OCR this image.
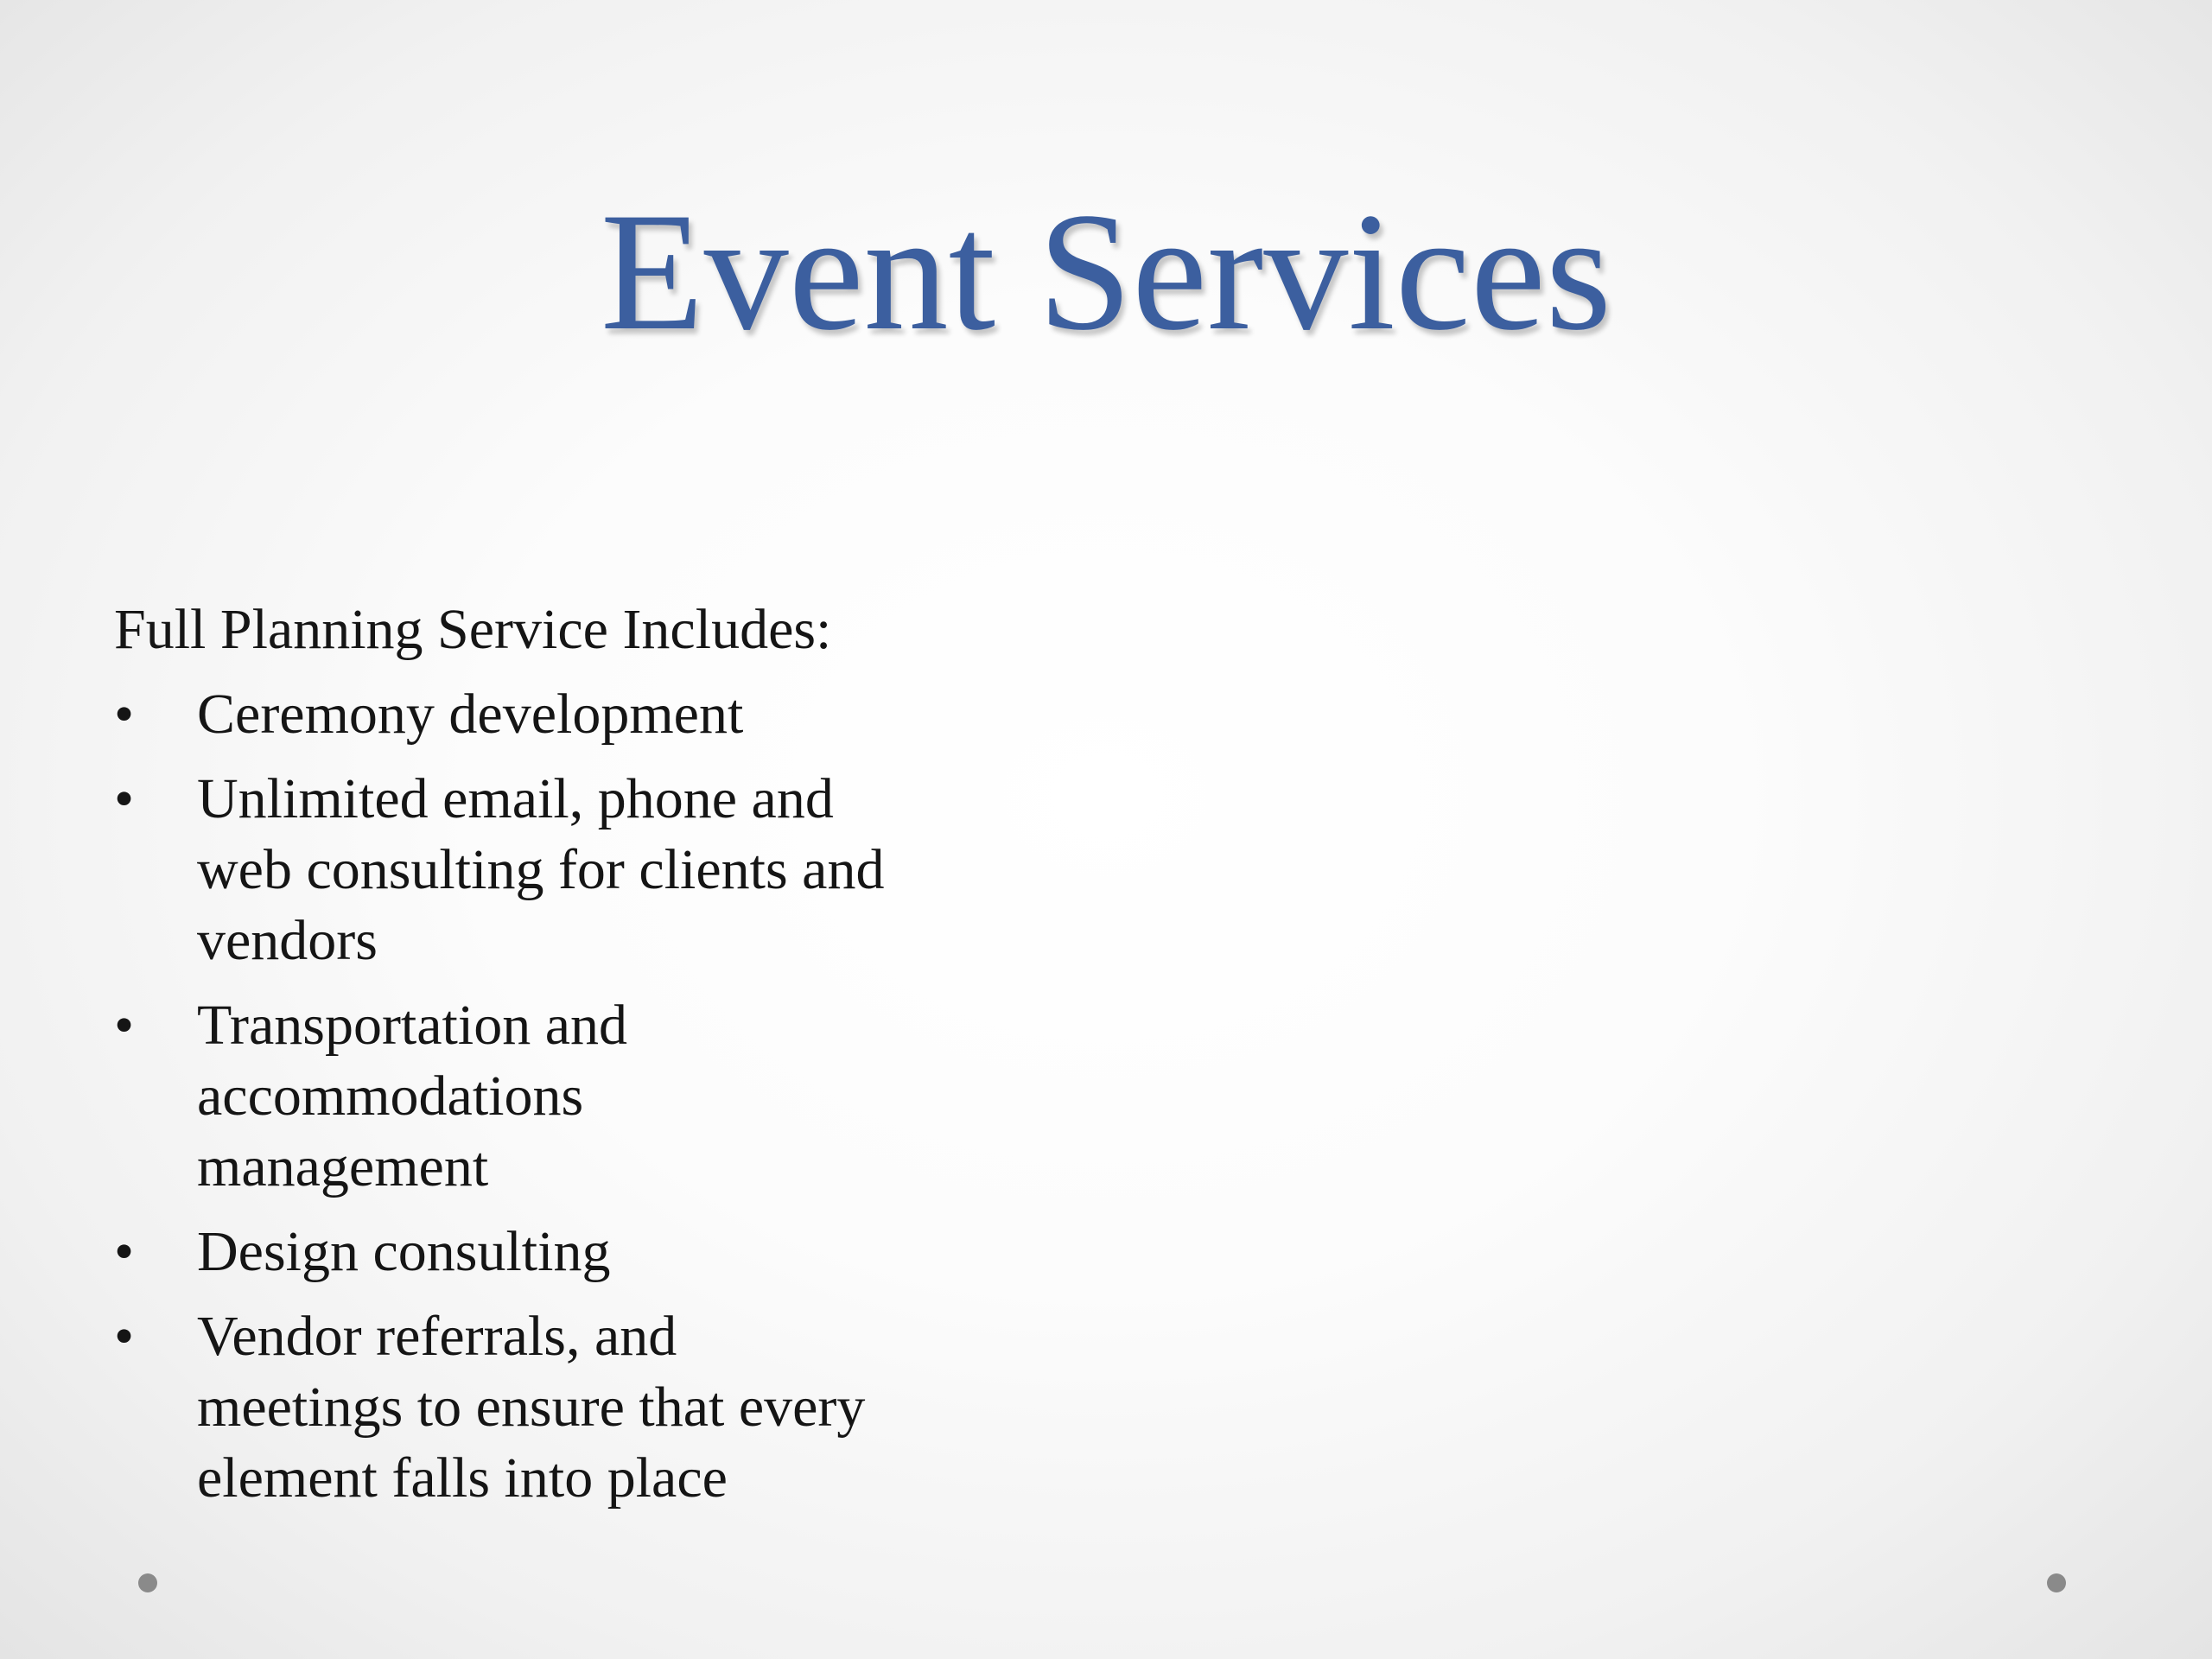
Event Services

Full Planning Service Includes:

• Ceremony development
• Unlimited email, phone and
web consulting for clients and
vendors
• Transportation and
accommodations
management
• Design consulting
• Vendor referrals, and
meetings to ensure that every
element falls into place
